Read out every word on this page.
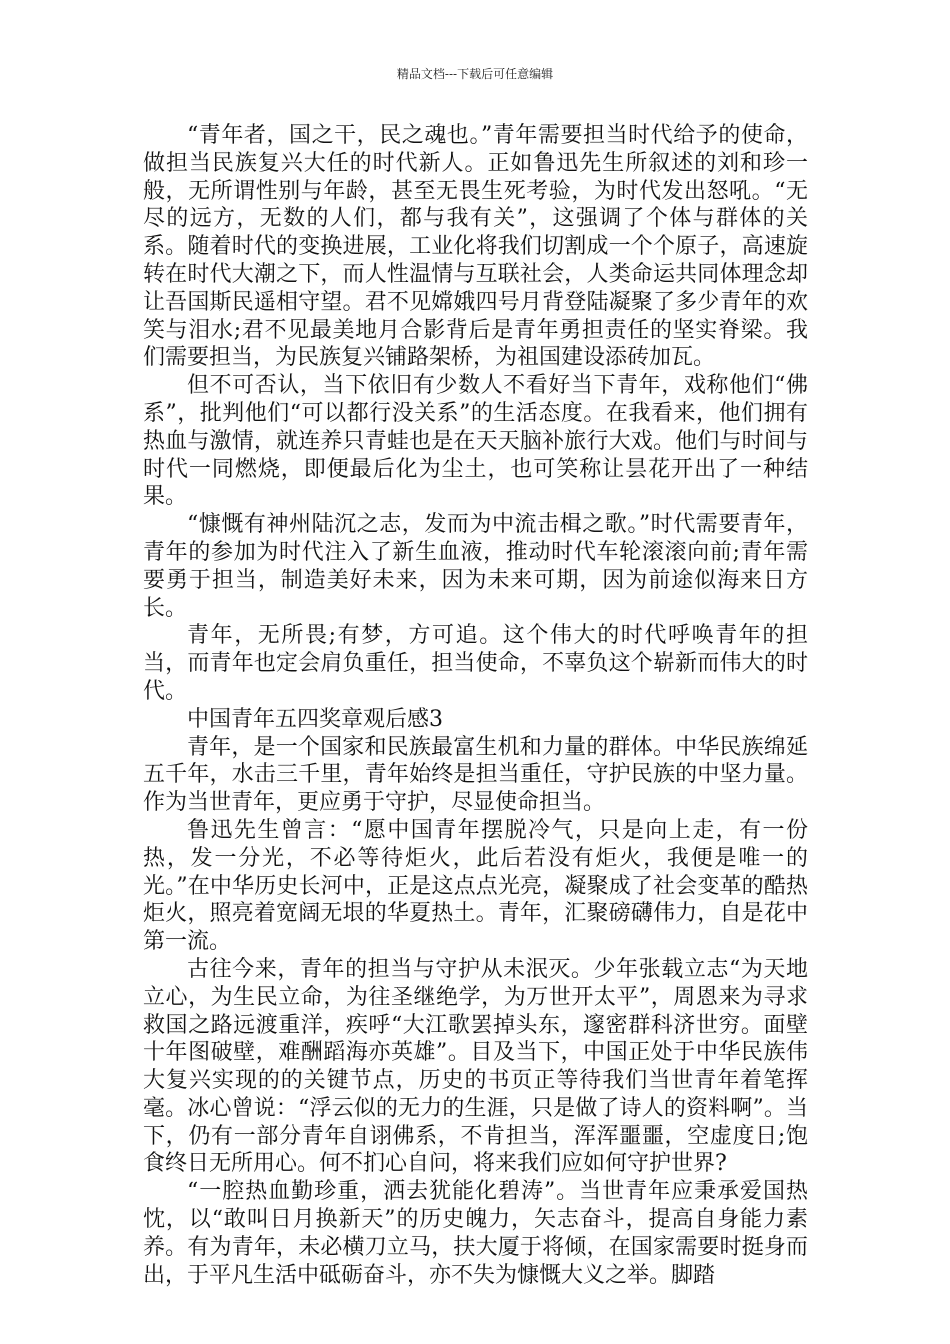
精品文档---下载后可任意编辑

“青年者，国之干，民之魂也。”青年需要担当时代给予的使命，做担当民族复兴大任的时代新人。正如鲁迅先生所叙述的刘和珍一般，无所谓性别与年龄，甚至无畏生死考验，为时代发出怒吼。“无尽的远方，无数的人们，都与我有关”，这强调了个体与群体的关系。随着时代的变换进展，工业化将我们切割成一个个原子，高速旋转在时代大潮之下，而人性温情与互联社会，人类命运共同体理念却让吾国斯民遥相守望。君不见嫦娥四号月背登陆凝聚了多少青年的欢笑与泪水;君不见最美地月合影背后是青年勇担责任的坚实脊梁。我们需要担当，为民族复兴铺路架桥，为祖国建设添砖加瓦。

但不可否认，当下依旧有少数人不看好当下青年，戏称他们“佛系”，批判他们“可以都行没关系”的生活态度。在我看来，他们拥有热血与激情，就连养只青蛙也是在天天脑补旅行大戏。他们与时间与时代一同燃烧，即便最后化为尘土，也可笑称让昙花开出了一种结果。

“慷慨有神州陆沉之志，发而为中流击楫之歌。”时代需要青年，青年的参加为时代注入了新生血液，推动时代车轮滚滚向前;青年需要勇于担当，制造美好未来，因为未来可期，因为前途似海来日方长。

青年，无所畏;有梦，方可追。这个伟大的时代呼唤青年的担当，而青年也定会肩负重任，担当使命，不辜负这个崭新而伟大的时代。

中国青年五四奖章观后感3

青年，是一个国家和民族最富生机和力量的群体。中华民族绵延五千年，水击三千里，青年始终是担当重任，守护民族的中坚力量。作为当世青年，更应勇于守护，尽显使命担当。

鲁迅先生曾言：“愿中国青年摆脱冷气，只是向上走，有一份热，发一分光，不必等待炬火，此后若没有炬火，我便是唯一的光。”在中华历史长河中，正是这点点光亮，凝聚成了社会变革的酷热炬火，照亮着宽阔无垠的华夏热土。青年，汇聚磅礴伟力，自是花中第一流。

古往今来，青年的担当与守护从未泯灭。少年张载立志“为天地立心，为生民立命，为往圣继绝学，为万世开太平”，周恩来为寻求救国之路远渡重洋，疾呼“大江歌罢掉头东，邃密群科济世穷。面壁十年图破壁，难酬蹈海亦英雄”。目及当下，中国正处于中华民族伟大复兴实现的的关键节点，历史的书页正等待我们当世青年着笔挥毫。冰心曾说：“浮云似的无力的生涯，只是做了诗人的资料啊”。当下，仍有一部分青年自诩佛系，不肯担当，浑浑噩噩，空虚度日;饱食终日无所用心。何不扪心自问，将来我们应如何守护世界?

“一腔热血勤珍重，洒去犹能化碧涛”。当世青年应秉承爱国热忱，以“敢叫日月换新天”的历史魄力，矢志奋斗，提高自身能力素养。有为青年，未必横刀立马，扶大厦于将倾，在国家需要时挺身而出，于平凡生活中砥砺奋斗，亦不失为慷慨大义之举。脚踏
